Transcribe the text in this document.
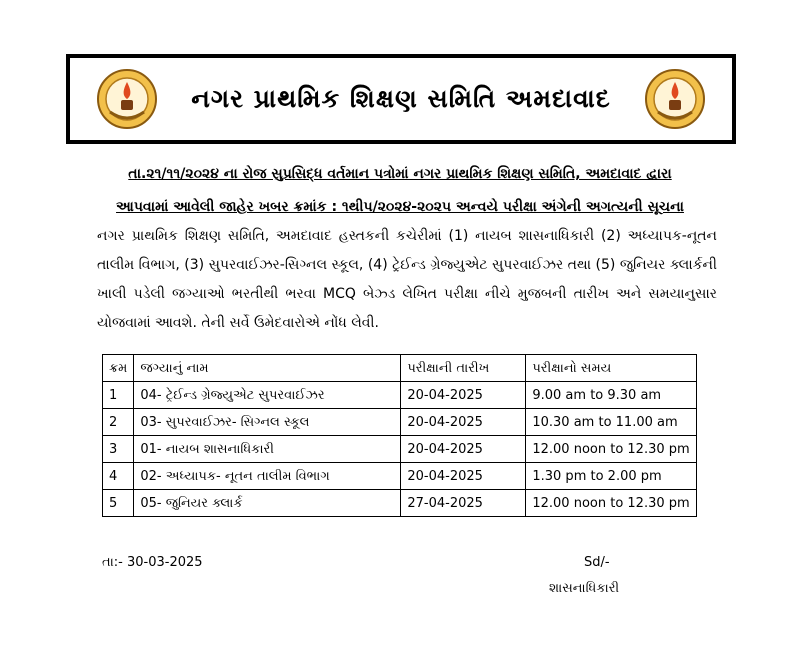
નગર પ્રાથમિક શિક્ષણ સમિતિ અમદાવાદ
તા.૨૧/૧૧/૨૦૨૪ ના રોજ સુપ્રસિદ્ધ વર્તમાન પત્રોમાં નગર પ્રાથમિક શિક્ષણ સમિતિ, અમદાવાદ દ્વારા
આપવામાં આવેલી જાહેર ખબર ક્રમાંક : ૧થીપ/૨૦૨૪-૨૦૨૫ અન્વયે પરીક્ષા અંગેની અગત્યની સૂચના
નગર પ્રાથમિક શિક્ષણ સમિતિ, અમદાવાદ હસ્તકની કચેરીમાં (1) નાયબ શાસનાધિકારી (2) અધ્યાપક-નૂતન તાલીમ વિભાગ, (3) સુપરવાઈઝર-સિગ્નલ સ્કૂલ, (4) ટ્રેઈન્ડ ગ્રેજ્યુએટ સુપરવાઈઝર તથા (5) જુનિયર ક્લાર્કની ખાલી પડેલી જગ્યાઓ ભરતીથી ભરવા MCQ બેઝ્ડ લેખિત પરીક્ષા નીચે મુજબની તારીખ અને સમયાનુસાર યોજવામાં આવશે. તેની સર્વે ઉમેદવારોએ નોંધ લેવી.
ક્રમ	જગ્યાનું નામ	પરીક્ષાની તારીખ	પરીક્ષાનો સમય
1	04- ટ્રેઈન્ડ ગ્રેજ્યુએટ સુપરવાઈઝર	20-04-2025	9.00 am to 9.30 am
2	03- સુપરવાઈઝર- સિગ્નલ સ્કૂલ	20-04-2025	10.30 am to 11.00 am
3	01- નાયબ શાસનાધિકારી	20-04-2025	12.00 noon to 12.30 pm
4	02- અધ્યાપક- નૂતન તાલીમ વિભાગ	20-04-2025	1.30 pm to 2.00 pm
5	05- જુનિયર ક્લાર્ક	27-04-2025	12.00 noon to 12.30 pm
તા:- 30-03-2025	Sd/-
શાસનાધિકારી
